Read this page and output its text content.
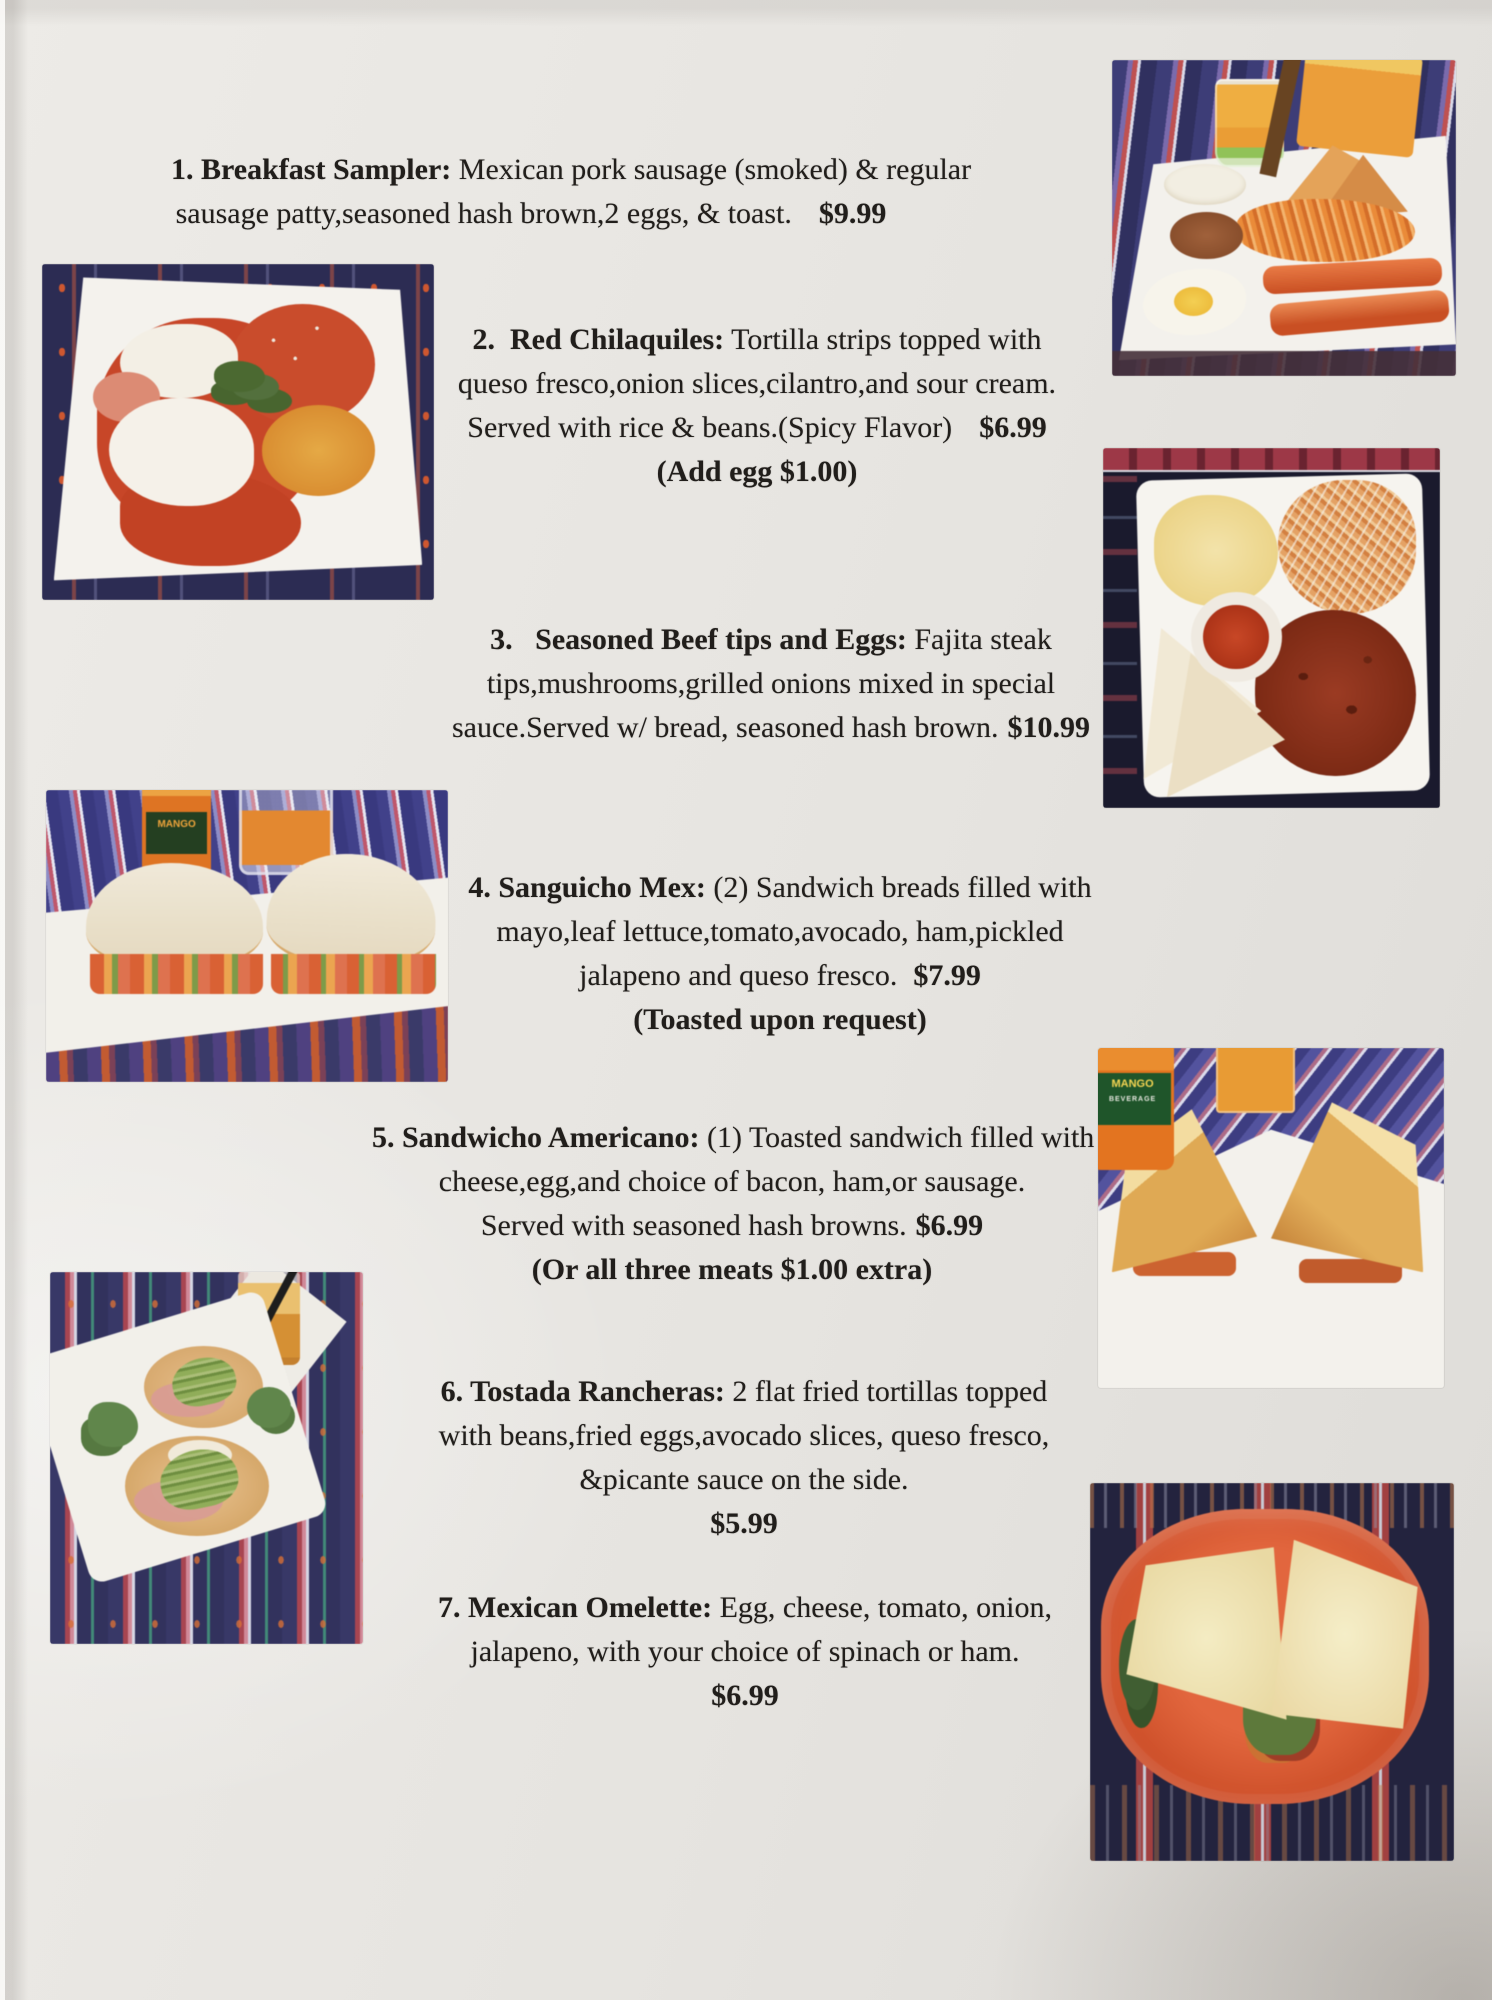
1. Breakfast Sampler: Mexican pork sausage (smoked) & regular
sausage patty,seasoned hash brown,2 eggs, & toast. $9.99
2.  Red Chilaquiles: Tortilla strips topped with
queso fresco,onion slices,cilantro,and sour cream.
Served with rice & beans.(Spicy Flavor) $6.99
(Add egg $1.00)
3.   Seasoned Beef tips and Eggs: Fajita steak
tips,mushrooms,grilled onions mixed in special
sauce.Served w/ bread, seasoned hash brown. $10.99
4. Sanguicho Mex: (2) Sandwich breads filled with
mayo,leaf lettuce,tomato,avocado, ham,pickled
jalapeno and queso fresco. $7.99
(Toasted upon request)
5. Sandwicho Americano: (1) Toasted sandwich filled with
cheese,egg,and choice of bacon, ham,or sausage.
Served with seasoned hash browns. $6.99
(Or all three meats $1.00 extra)
6. Tostada Rancheras: 2 flat fried tortillas topped
with beans,fried eggs,avocado slices, queso fresco,
&picante sauce on the side.
$5.99
7. Mexican Omelette: Egg, cheese, tomato, onion,
jalapeno, with your choice of spinach or ham.
$6.99
MANGO
MANGO
BEVERAGE
